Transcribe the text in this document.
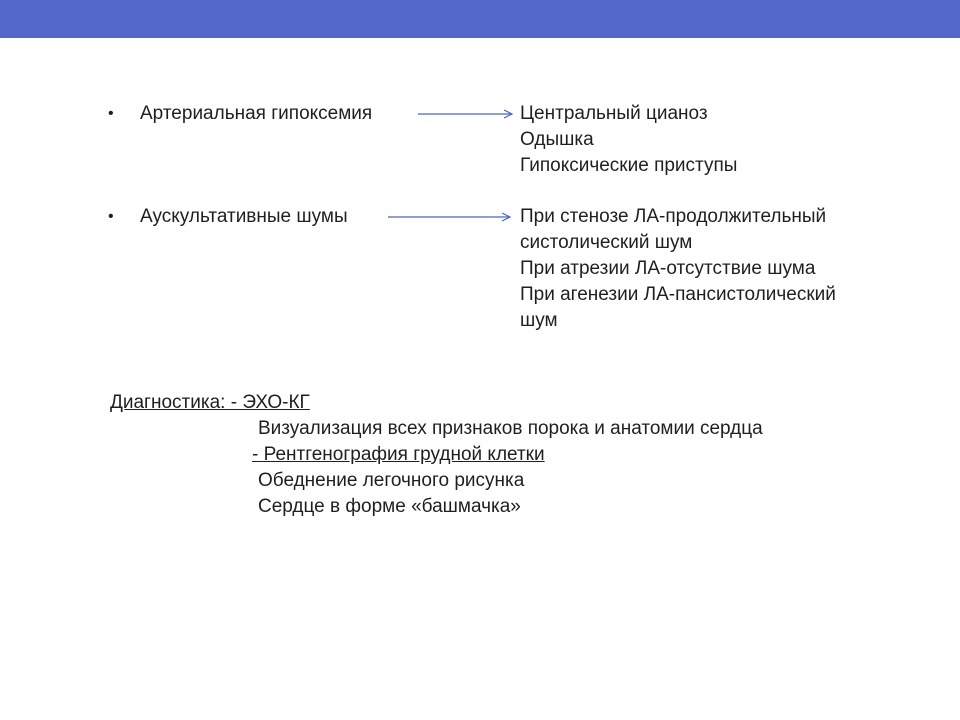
• Артериальная гипоксемия	Центральный цианоз
Одышка
Гипоксические приступы
• Аускультативные шумы	При стенозе ЛА-продолжительный
систолический шум
При атрезии ЛА-отсутствие шума
При агенезии ЛА-пансистолический
шум
Диагностика: - ЭХО-КГ
Визуализация всех признаков порока и анатомии сердца
- Рентгенография грудной клетки
Обеднение легочного рисунка
Сердце в форме «башмачка»
